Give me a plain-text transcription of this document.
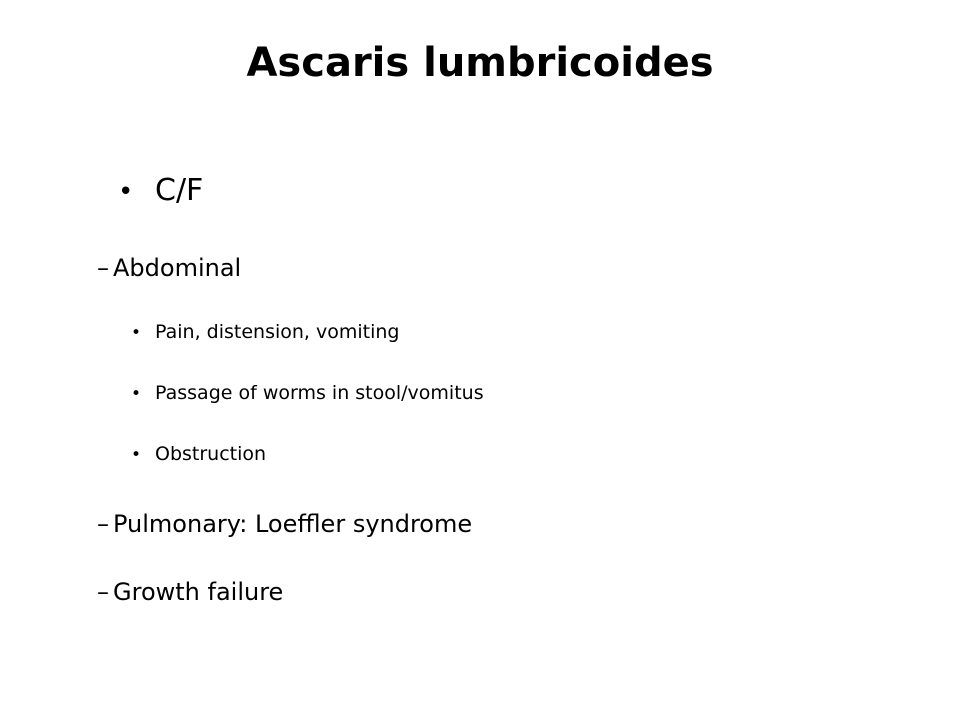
Ascaris lumbricoides
• C/F
– Abdominal
• Pain, distension, vomiting
• Passage of worms in stool/vomitus
• Obstruction
– Pulmonary: Loeffler syndrome
– Growth failure
